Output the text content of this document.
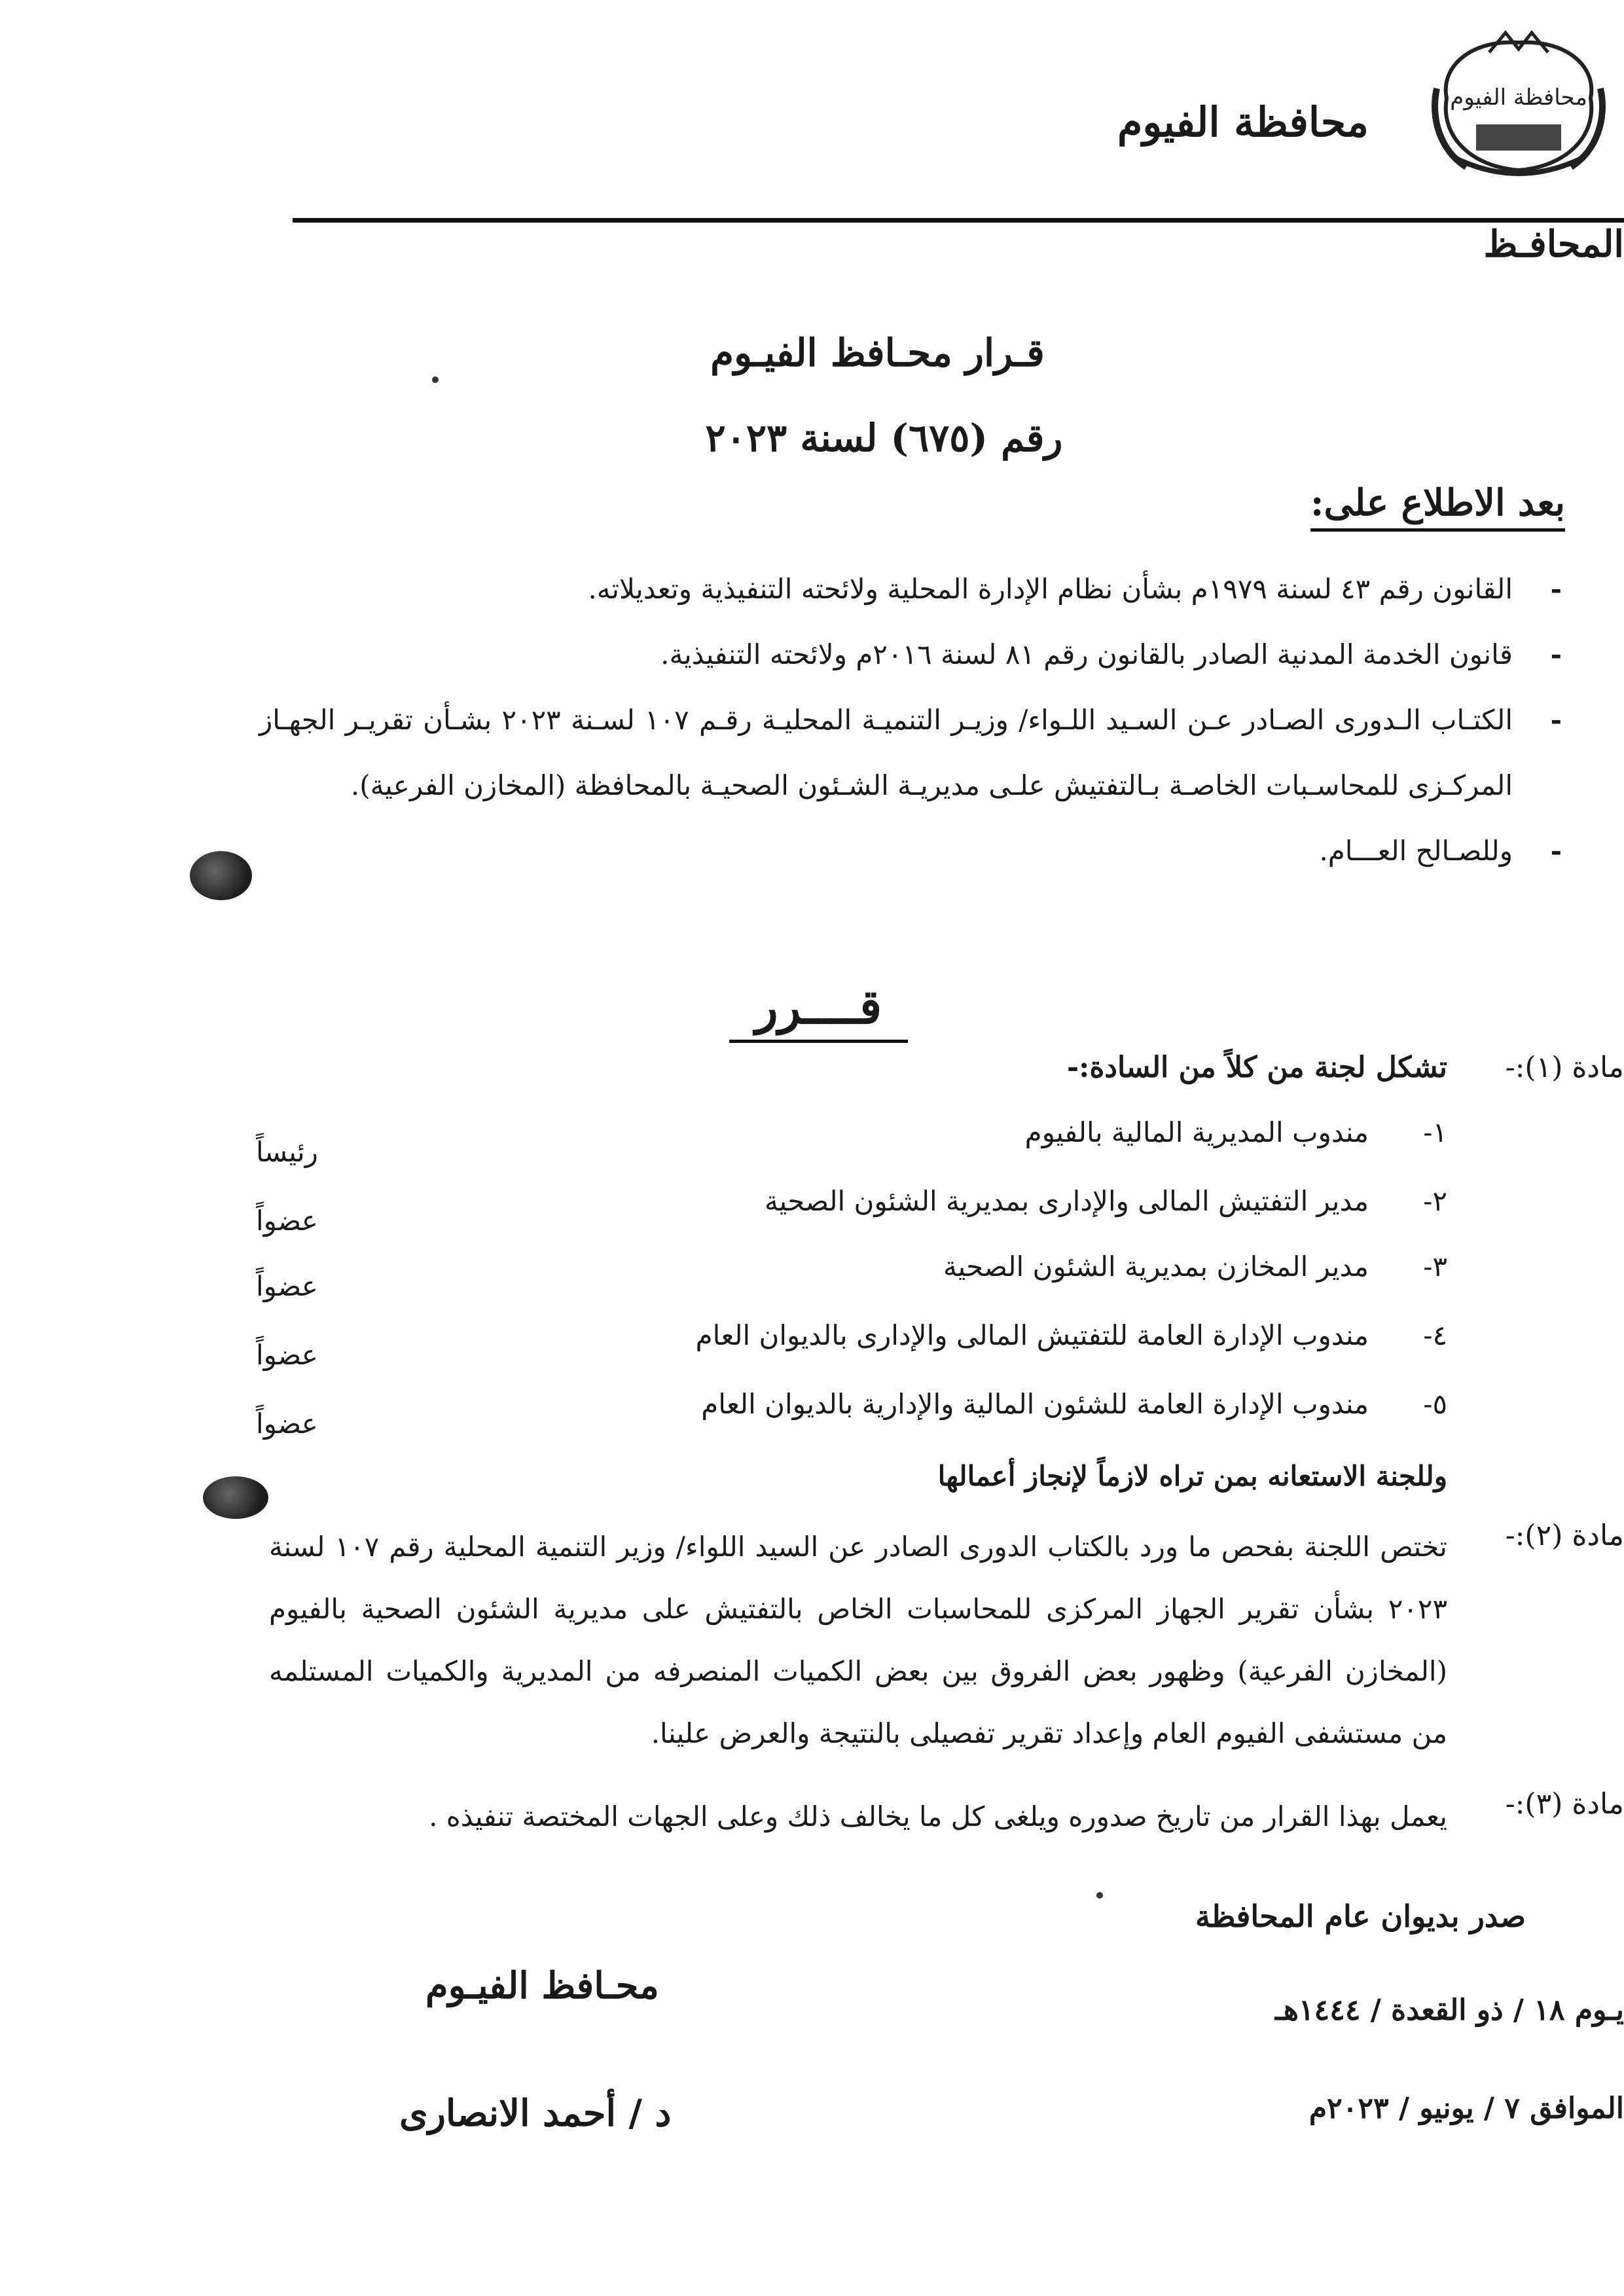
محافظة الفيوم
محافظة الفيوم
المحافـظ
قـرار محـافظ الفيـوم
رقم (٦٧٥) لسنة ٢٠٢٣
بعد الاطلاع على:
-
القانون رقم ٤٣ لسنة ١٩٧٩م بشأن نظام الإدارة المحلية ولائحته التنفيذية وتعديلاته.
-
قانون الخدمة المدنية الصادر بالقانون رقم ٨١ لسنة ٢٠١٦م ولائحته التنفيذية.
-
الكتـاب الـدورى الصـادر عـن السـيد اللـواء/ وزيـر التنميـة المحليـة رقـم ١٠٧ لسـنة ٢٠٢٣ بشـأن تقريـر الجهـاز المركـزى للمحاسـبات الخاصـة بـالتفتيش علـى مديريـة الشـئون الصحيـة بالمحافظة (المخازن الفرعية).
-
وللصـالح العـــام.
قــــرر
مادة (١):-
تشكل لجنة من كلاً من السادة:-
١-
مندوب المديرية المالية بالفيوم
رئيساً
٢-
مدير التفتيش المالى والإدارى بمديرية الشئون الصحية
عضواً
٣-
مدير المخازن بمديرية الشئون الصحية
عضواً
٤-
مندوب الإدارة العامة للتفتيش المالى والإدارى بالديوان العام
عضواً
٥-
مندوب الإدارة العامة للشئون المالية والإدارية بالديوان العام
عضواً
وللجنة الاستعانه بمن تراه لازماً لإنجاز أعمالها
مادة (٢):-
تختص اللجنة بفحص ما ورد بالكتاب الدورى الصادر عن السيد اللواء/ وزير التنمية المحلية رقم ١٠٧ لسنة ٢٠٢٣ بشأن تقرير الجهاز المركزى للمحاسبات الخاص بالتفتيش على مديرية الشئون الصحية بالفيوم (المخازن الفرعية) وظهور بعض الفروق بين بعض الكميات المنصرفه من المديرية والكميات المستلمه من مستشفى الفيوم العام وإعداد تقرير تفصيلى بالنتيجة والعرض علينا.
مادة (٣):-
يعمل بهذا القرار من تاريخ صدوره ويلغى كل ما يخالف ذلك وعلى الجهات المختصة تنفيذه .
صدر بديوان عام المحافظة
يـوم ١٨ / ذو القعدة / ١٤٤٤هـ
الموافق ٧ / يونيو / ٢٠٢٣م
محـافظ الفيـوم
د / أحمد الانصارى
